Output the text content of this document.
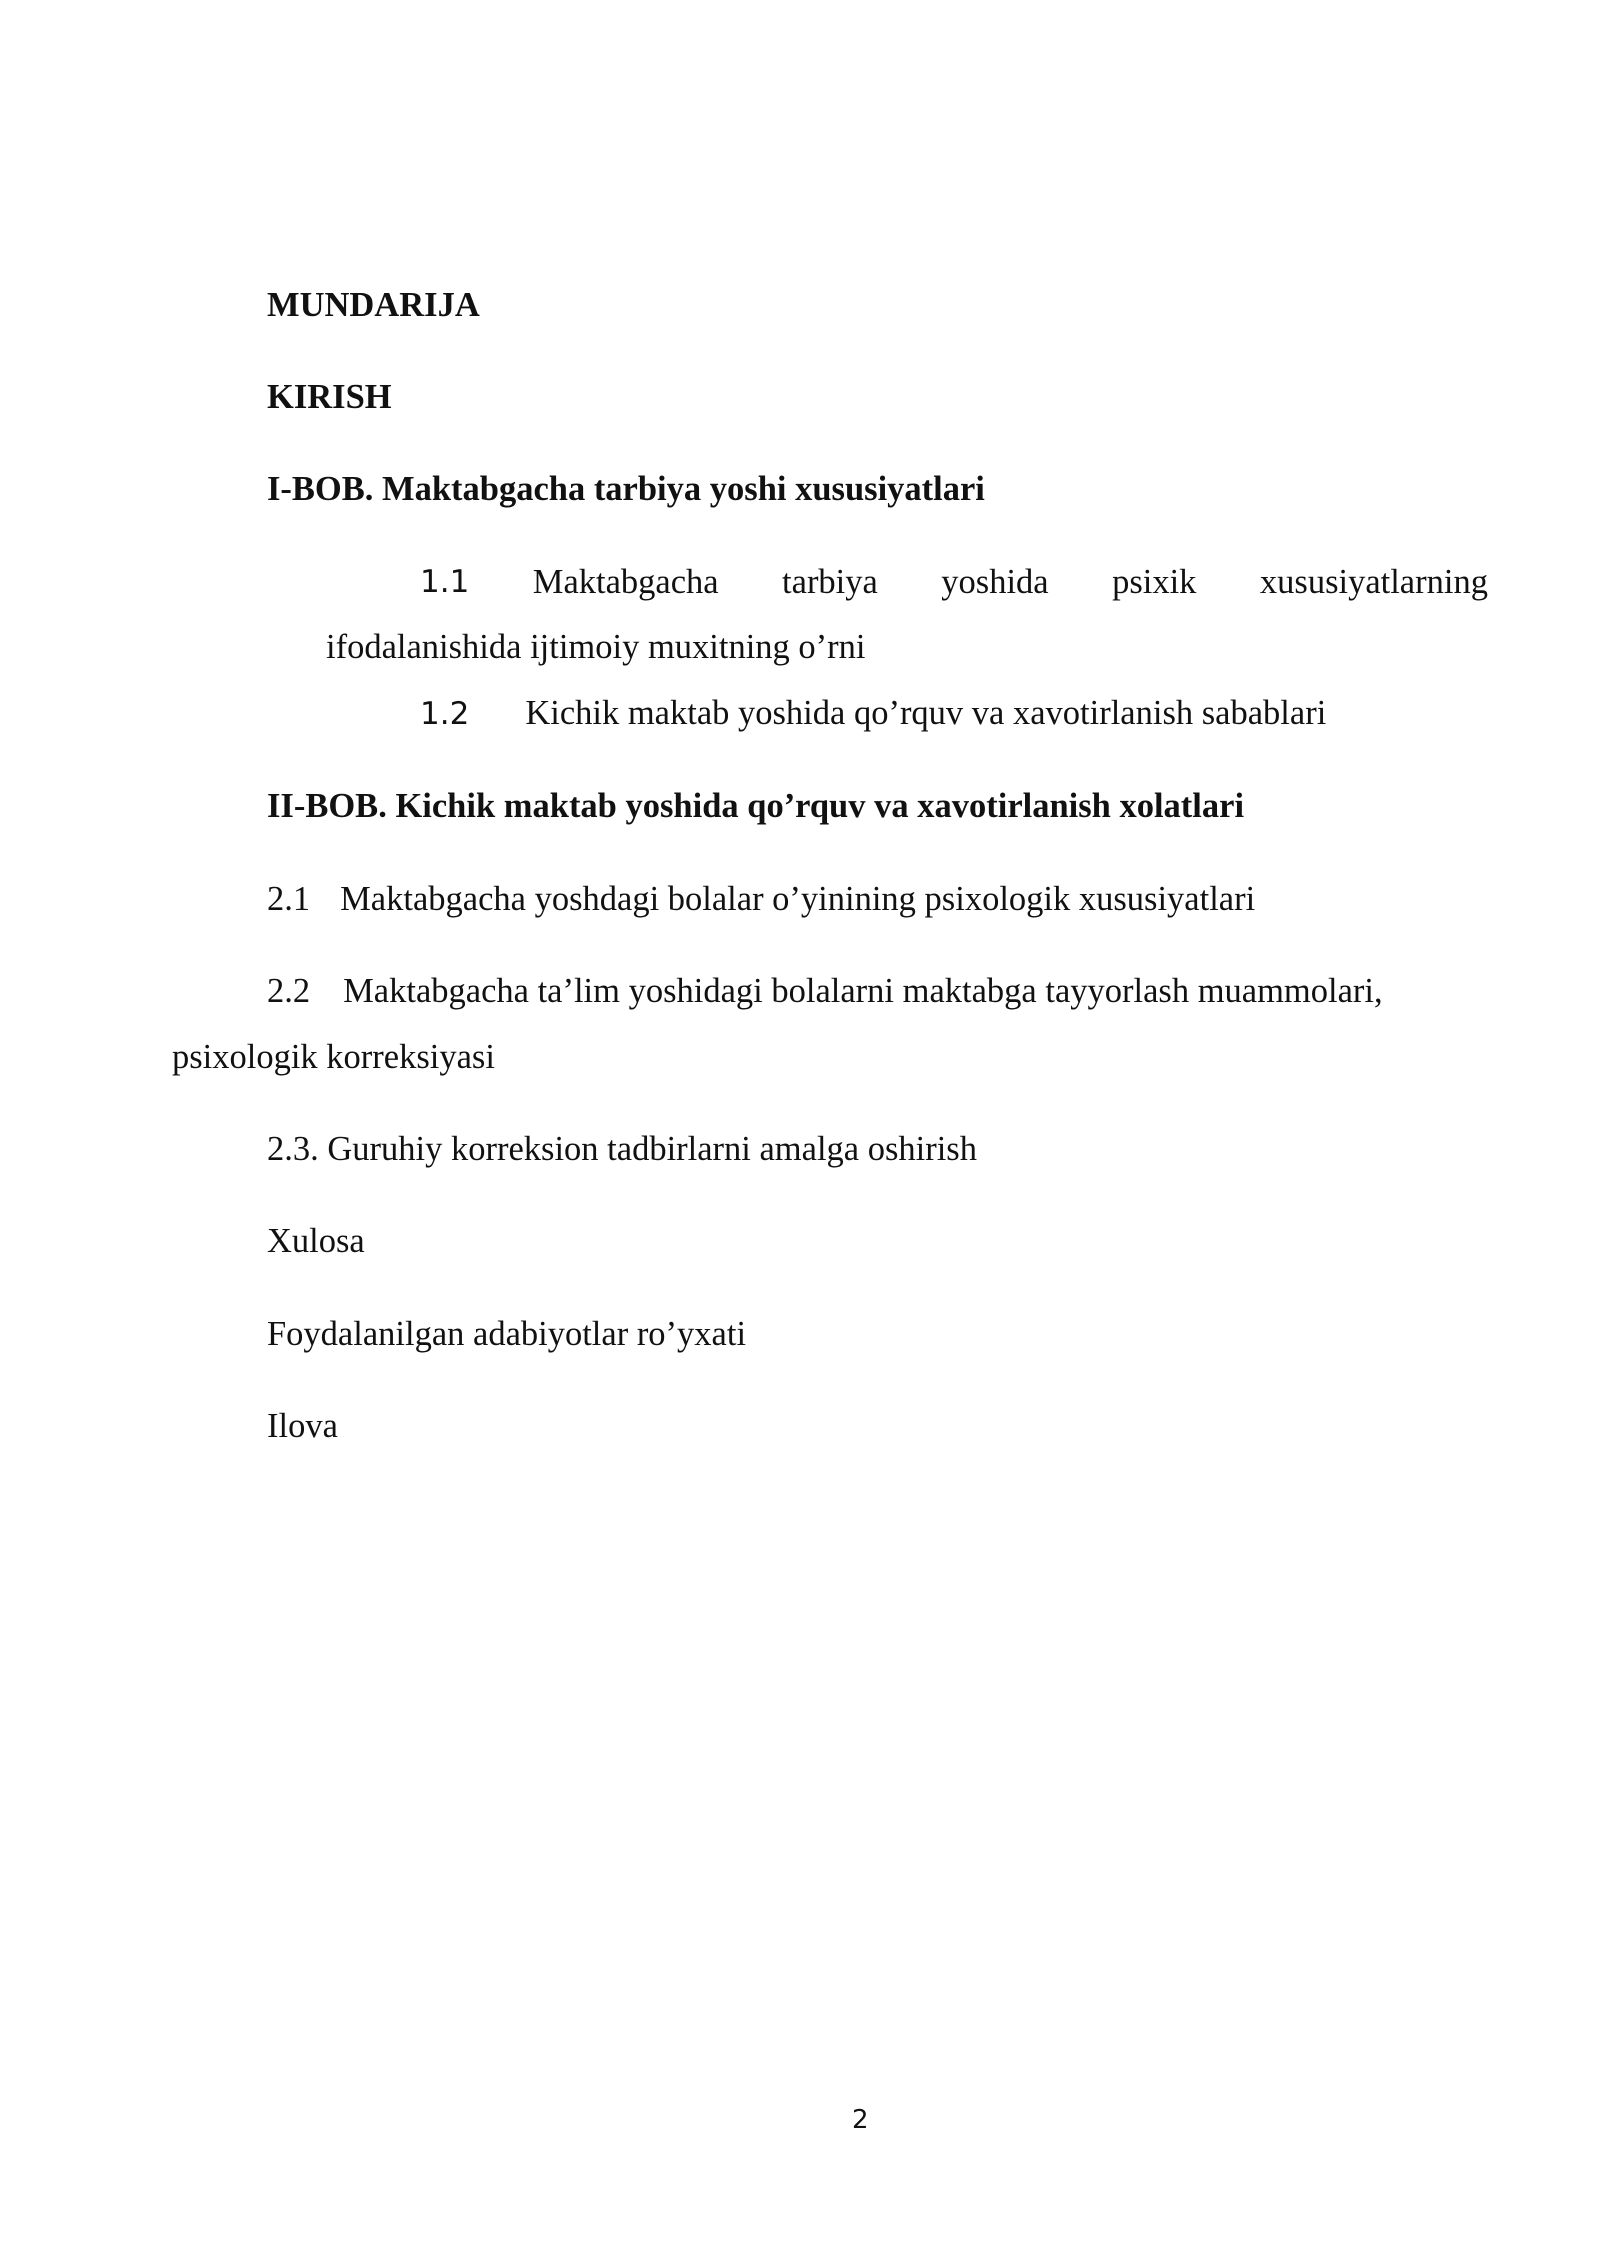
MUNDARIJA

KIRISH

I-BOB. Maktabgacha tarbiya yoshi xususiyatlari

1.1 Maktabgacha tarbiya yoshida psixik xususiyatlarning

ifodalanishida ijtimoiy muxitning o’rni

1.2 Kichik maktab yoshida qo’rquv va xavotirlanish sabablari

II-BOB. Kichik maktab yoshida qo’rquv va xavotirlanish xolatlari

2.1 Maktabgacha yoshdagi bolalar o’yinining psixologik xususiyatlari
2.2 Maktabgacha ta’lim yoshidagi bolalarni maktabga tayyorlash muammolari,

psixologik korreksiyasi

2.3. Guruhiy korreksion tadbirlarni amalga oshirish

Xulosa

Foydalanilgan adabiyotlar ro’yxati

Ilova

2
